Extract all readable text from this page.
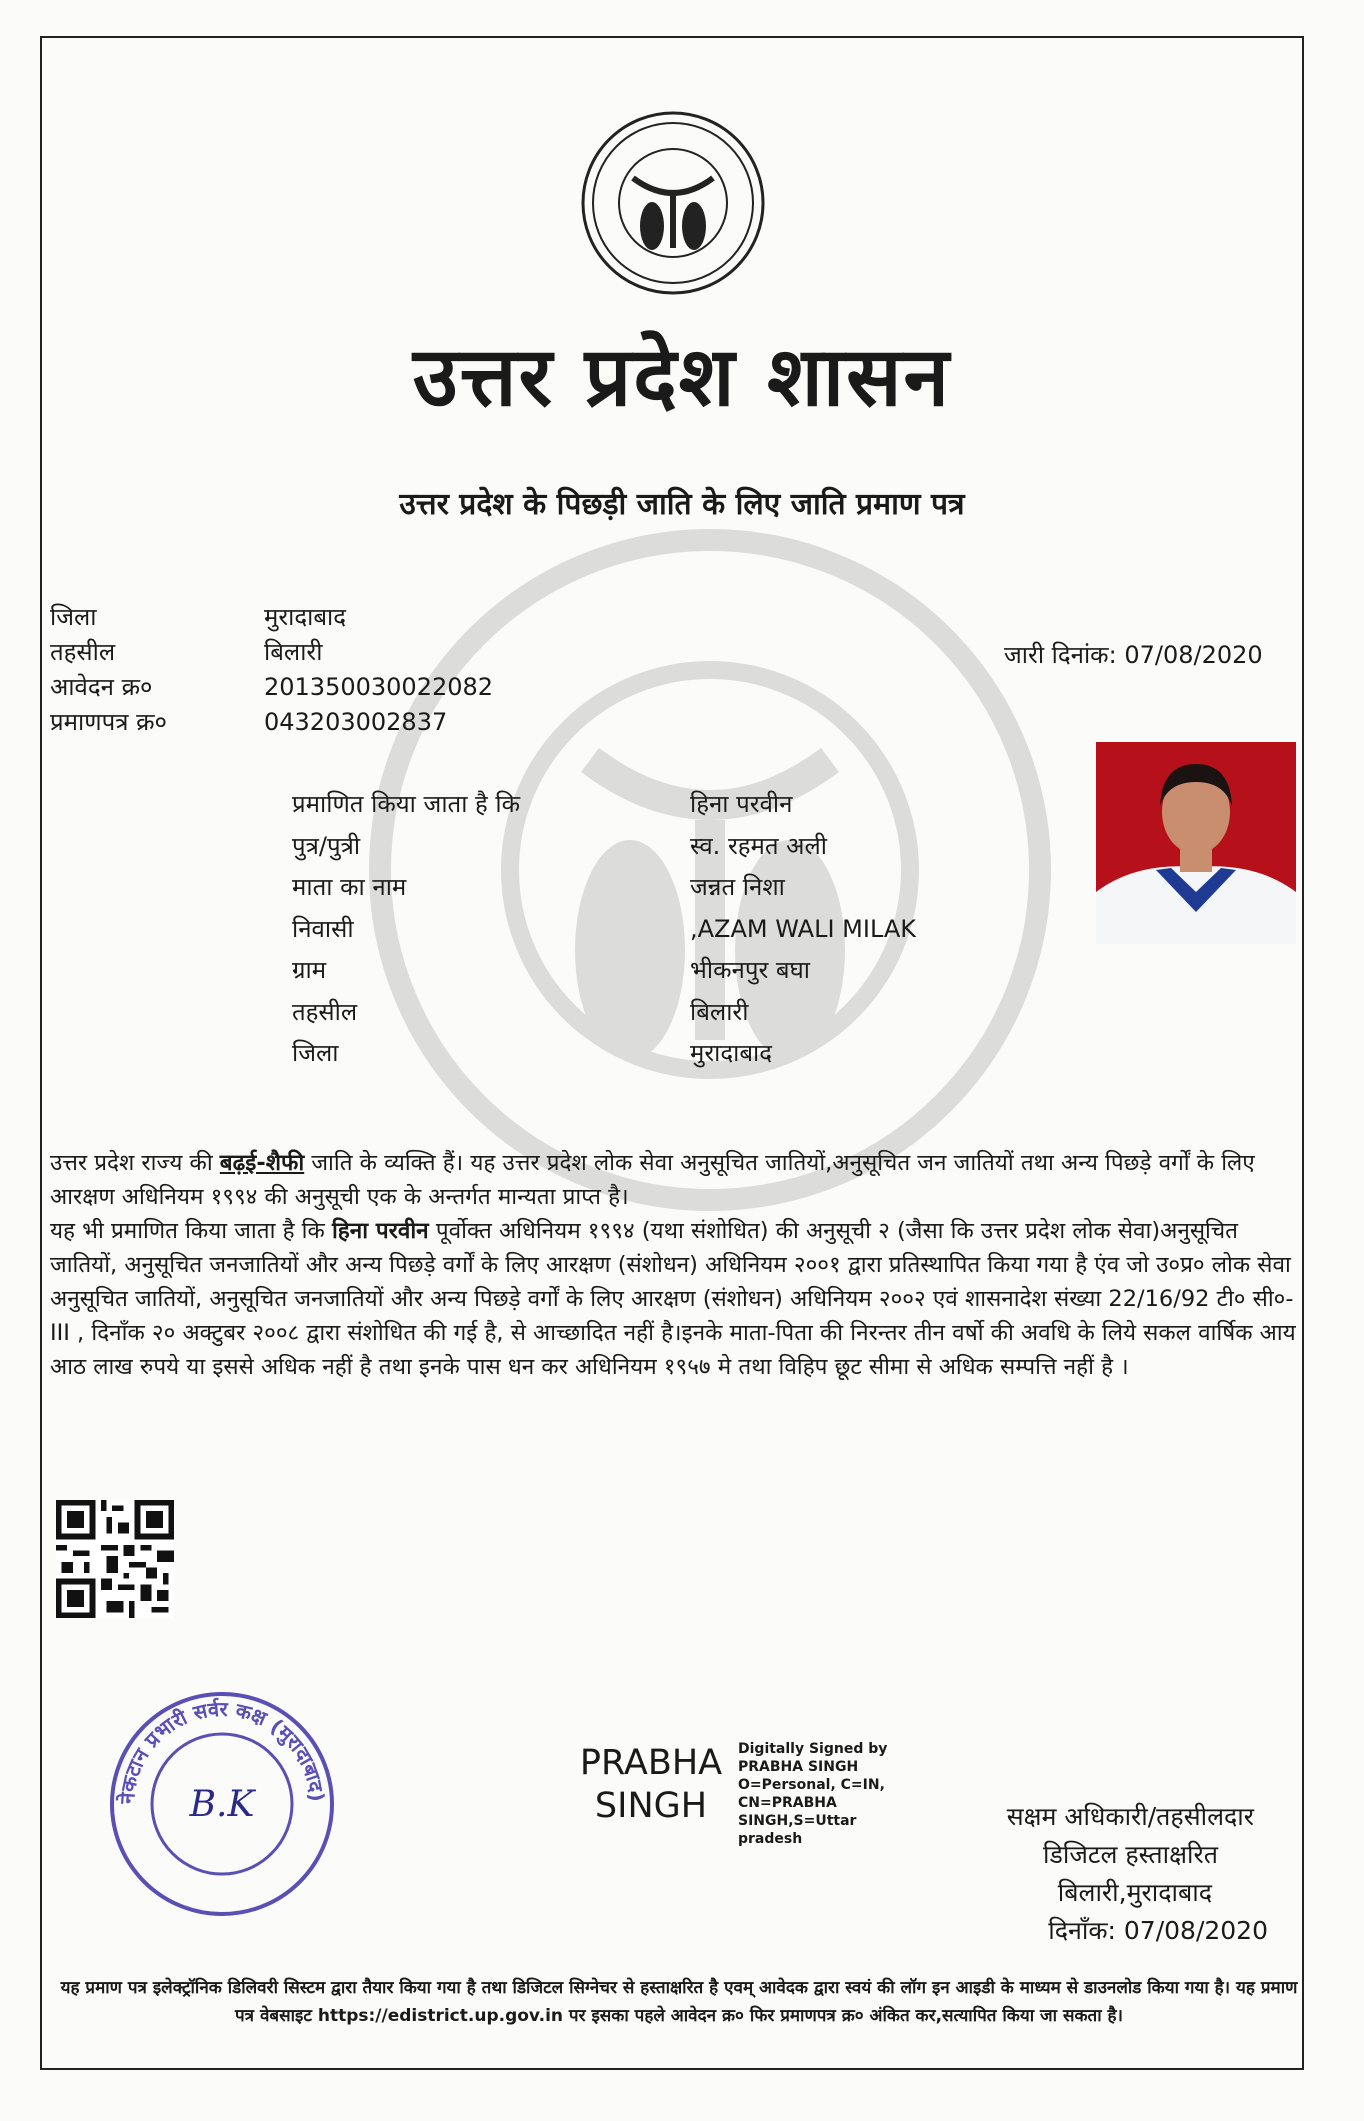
उत्तर प्रदेश शासन
उत्तर प्रदेश के पिछड़ी जाति के लिए जाति प्रमाण पत्र
जिला	मुरादाबाद
तहसील	बिलारी
आवेदन क्र०	201350030022082
प्रमाणपत्र क्र०	043203002837
जारी दिनांक: 07/08/2020
प्रमाणित किया जाता है कि	हिना परवीन
पुत्र/पुत्री	स्व. रहमत अली
माता का नाम	जन्नत निशा
निवासी	,AZAM WALI MILAK
ग्राम	भीकनपुर बघा
तहसील	बिलारी
जिला	मुरादाबाद

उत्तर प्रदेश राज्य की बढ़ई-शैफी जाति के व्यक्ति हैं। यह उत्तर प्रदेश लोक सेवा अनुसूचित जातियों,अनुसूचित जन जातियों तथा अन्य पिछड़े वर्गों के लिए आरक्षण अधिनियम १९९४ की अनुसूची एक के अन्तर्गत मान्यता प्राप्त है।

यह भी प्रमाणित किया जाता है कि हिना परवीन पूर्वोक्त अधिनियम १९९४ (यथा संशोधित) की अनुसूची २ (जैसा कि उत्तर प्रदेश लोक सेवा)अनुसूचित जातियों, अनुसूचित जनजातियों और अन्य पिछड़े वर्गों के लिए आरक्षण (संशोधन) अधिनियम २००१ द्वारा प्रतिस्थापित किया गया है एंव जो उ०प्र० लोक सेवा अनुसूचित जातियों, अनुसूचित जनजातियों और अन्य पिछड़े वर्गों के लिए आरक्षण (संशोधन) अधिनियम २००२ एवं शासनादेश संख्या 22/16/92 टी० सी०-III , दिनाँक २० अक्टुबर २००८ द्वारा संशोधित की गई है, से आच्छादित नहीं है।इनके माता-पिता की निरन्तर तीन वर्षो की अवधि के लिये सकल वार्षिक आय आठ लाख रुपये या इससे अधिक नहीं है तथा इनके पास धन कर अधिनियम १९५७ मे तथा विहिप छूट सीमा से अधिक सम्पत्ति नहीं है ।

नेकटान प्रभारी सर्वर कक्ष (मुरादाबाद)
B.K
PRABHA
SINGH
Digitally Signed by PRABHA SINGH O=Personal, C=IN, CN=PRABHA SINGH,S=Uttar pradesh
सक्षम अधिकारी/तहसीलदार
डिजिटल हस्ताक्षरित
बिलारी,मुरादाबाद
दिनाँक: 07/08/2020
यह प्रमाण पत्र इलेक्ट्रॉनिक डिलिवरी सिस्टम द्वारा तैयार किया गया है तथा डिजिटल सिग्नेचर से हस्ताक्षरित है एवम् आवेदक द्वारा स्वयं की लॉग इन आइडी के माध्यम से डाउनलोड किया गया है। यह प्रमाण पत्र वेबसाइट https://edistrict.up.gov.in पर इसका पहले आवेदन क्र० फिर प्रमाणपत्र क्र० अंकित कर,सत्यापित किया जा सकता है।
